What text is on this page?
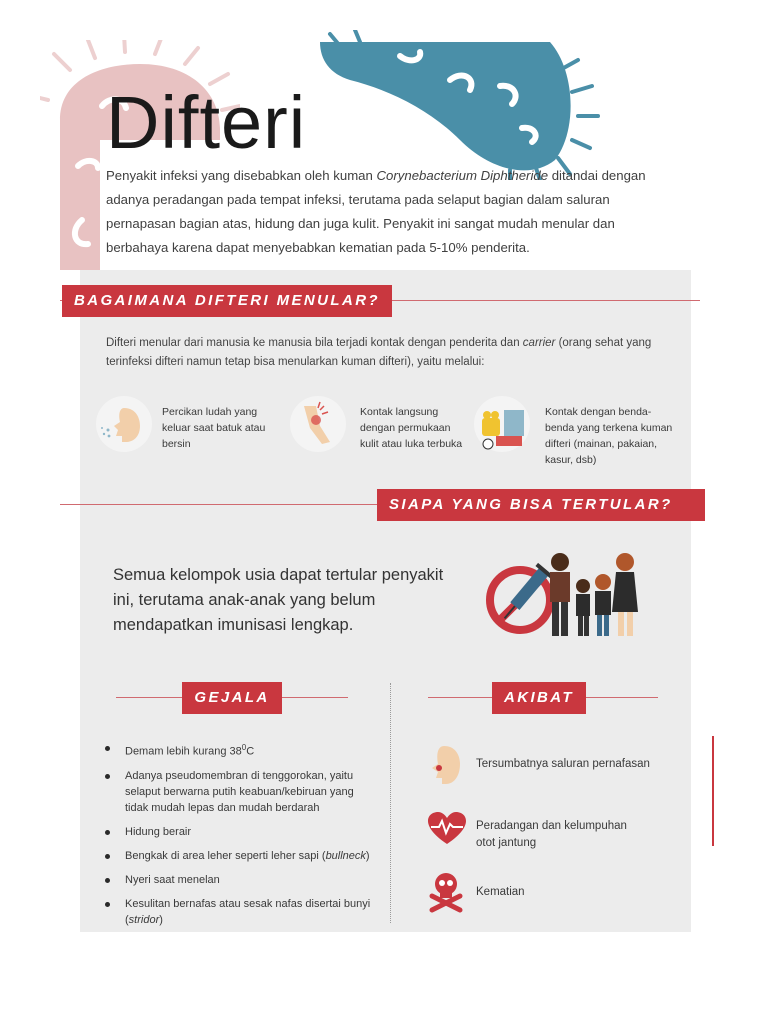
Difteri
Penyakit infeksi yang disebabkan oleh kuman Corynebacterium Diphtheride ditandai dengan adanya peradangan pada tempat infeksi, terutama pada selaput bagian dalam saluran pernapasan bagian atas, hidung dan juga kulit. Penyakit ini sangat mudah menular dan berbahaya karena dapat menyebabkan kematian pada 5-10% penderita.
BAGAIMANA DIFTERI MENULAR?
Difteri menular dari manusia ke manusia bila terjadi kontak dengan penderita dan carrier (orang sehat yang terinfeksi difteri namun tetap bisa menularkan kuman difteri), yaitu melalui:
Percikan ludah yang keluar saat batuk atau bersin
Kontak langsung dengan permukaan kulit atau luka terbuka
Kontak dengan benda-benda yang terkena kuman difteri (mainan, pakaian, kasur, dsb)
SIAPA YANG BISA TERTULAR?
Semua kelompok usia dapat tertular penyakit ini, terutama anak-anak yang belum mendapatkan imunisasi lengkap.
GEJALA	AKIBAT
Demam lebih kurang $38^0C$
Adanya pseudomembran di tenggorokan, yaitu selaput berwarna putih keabuan/kebiruan yang tidak mudah lepas dan mudah berdarah
Hidung berair
Bengkak di area leher seperti leher sapi (bullneck)
Nyeri saat menelan
Kesulitan bernafas atau sesak nafas disertai bunyi (stridor)
Tersumbatnya saluran pernafasan
Peradangan dan kelumpuhan otot jantung
Kematian
